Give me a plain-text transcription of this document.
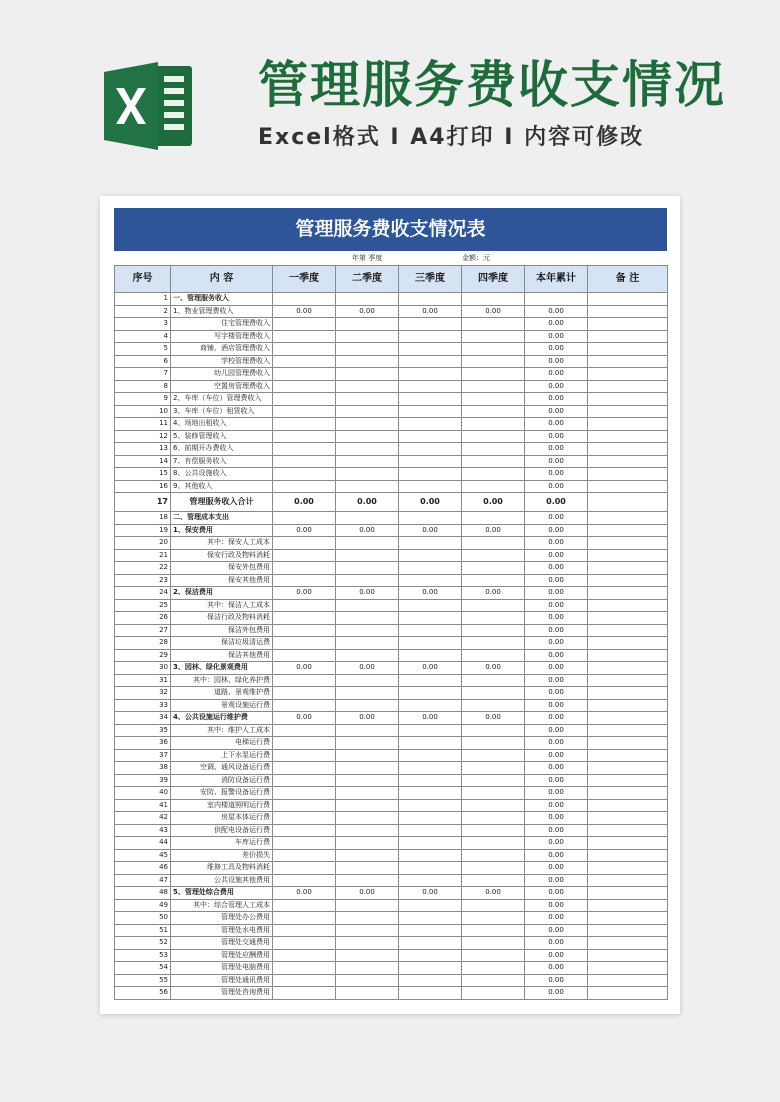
管理服务费收支情况

Excel格式 I A4打印 I 内容可修改

管理服务费收支情况表
年第 季度	金额：元
序号	内 容	一季度	二季度	三季度	四季度	本年累计	备 注
1	一、管理服务收入						
2	1、物业管理费收入	0.00	0.00	0.00	0.00	0.00	
3	住宅管理费收入					0.00	
4	写字楼管理费收入					0.00	
5	商铺、酒店管理费收入					0.00	
6	学校管理费收入					0.00	
7	幼儿园管理费收入					0.00	
8	空置房管理费收入					0.00	
9	2、车库（车位）管理费收入					0.00	
10	3、车库（车位）租赁收入					0.00	
11	4、场地出租收入					0.00	
12	5、装修管理收入					0.00	
13	6、前期开办费收入					0.00	
14	7、有偿服务收入					0.00	
15	8、公共设施收入					0.00	
16	9、其他收入					0.00	
17	管理服务收入合计	0.00	0.00	0.00	0.00	0.00	
18	二、管理成本支出					0.00	
19	1、保安费用	0.00	0.00	0.00	0.00	0.00	
20	其中：保安人工成本					0.00	
21	保安行政及物料消耗					0.00	
22	保安外包费用					0.00	
23	保安其他费用					0.00	
24	2、保洁费用	0.00	0.00	0.00	0.00	0.00	
25	其中：保洁人工成本					0.00	
26	保洁行政及物料消耗					0.00	
27	保洁外包费用					0.00	
28	保洁垃圾清运费					0.00	
29	保洁其他费用					0.00	
30	3、园林、绿化景观费用	0.00	0.00	0.00	0.00	0.00	
31	其中：园林、绿化养护费					0.00	
32	道路、景观维护费					0.00	
33	景观设施运行费					0.00	
34	4、公共设施运行维护费	0.00	0.00	0.00	0.00	0.00	
35	其中：维护人工成本					0.00	
36	电梯运行费					0.00	
37	上下水泵运行费					0.00	
38	空调、通风设备运行费					0.00	
39	消防设备运行费					0.00	
40	安防、报警设备运行费					0.00	
41	室内楼道照明运行费					0.00	
42	房屋本体运行费					0.00	
43	供配电设备运行费					0.00	
44	车库运行费					0.00	
45	差价损失					0.00	
46	维修工具及物料消耗					0.00	
47	公共设施其他费用					0.00	
48	5、管理处综合费用	0.00	0.00	0.00	0.00	0.00	
49	其中：综合管理人工成本					0.00	
50	管理处办公费用					0.00	
51	管理处水电费用					0.00	
52	管理处交通费用					0.00	
53	管理处应酬费用					0.00	
54	管理处电脑费用					0.00	
55	管理处通讯费用					0.00	
56	管理处咨询费用					0.00	
